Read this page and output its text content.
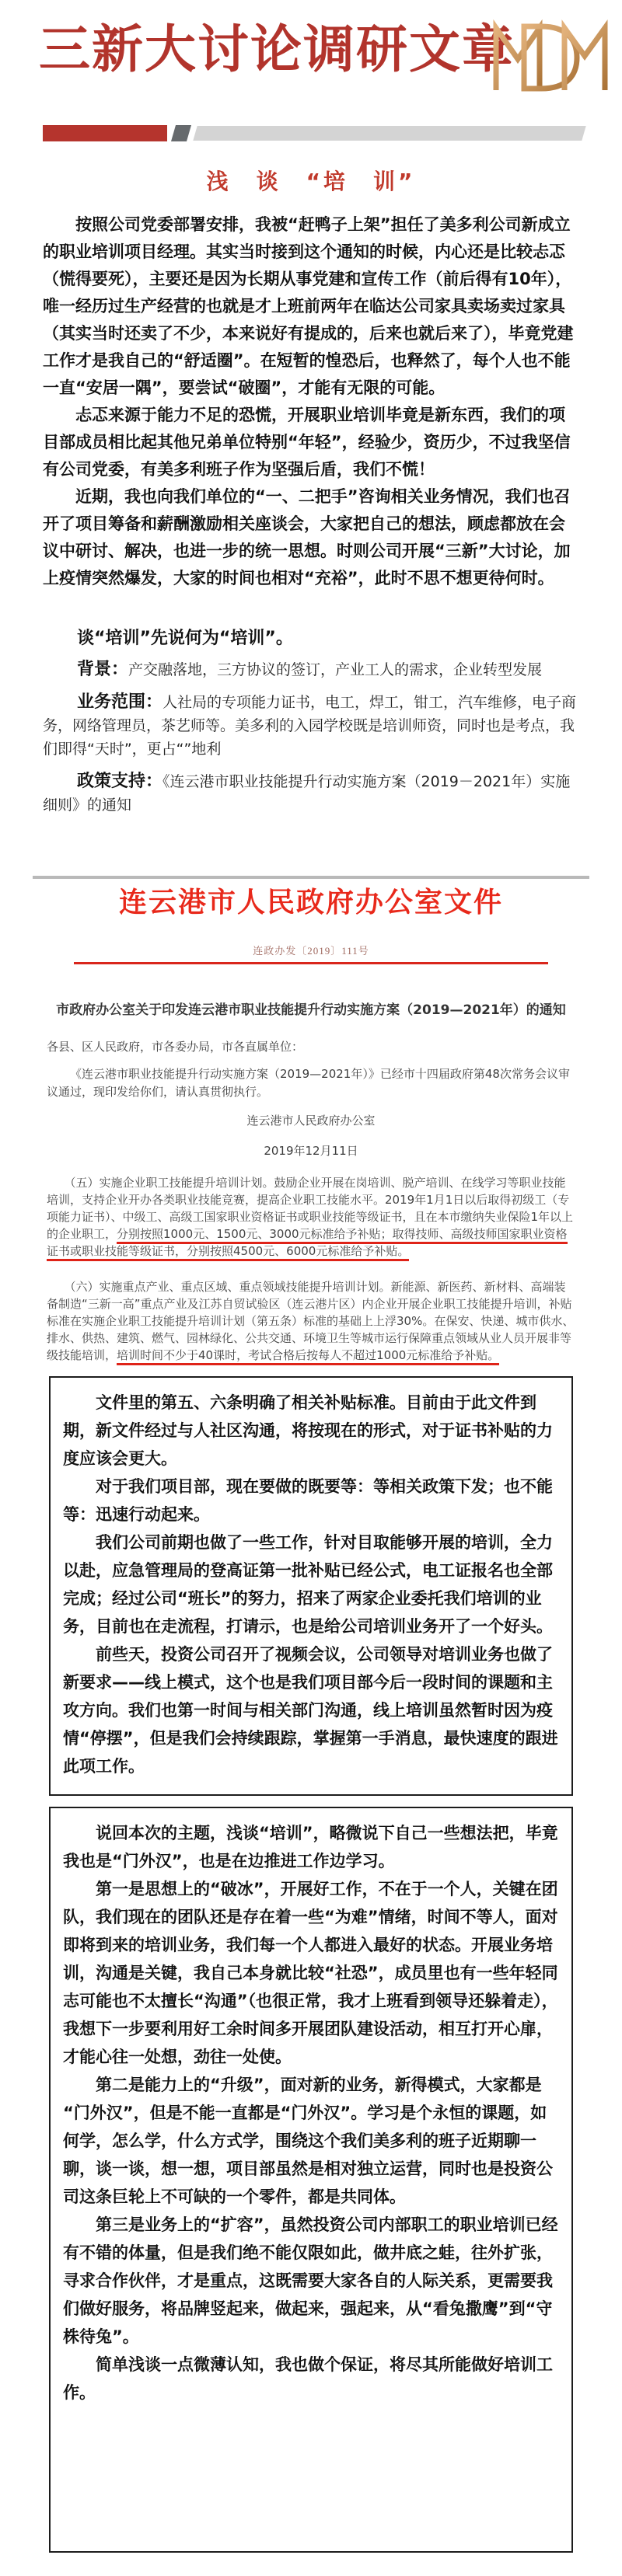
三新大讨论调研文章
浅　谈　“培　训”

按照公司党委部署安排，我被“赶鸭子上架”担任了美多利公司新成立的职业培训项目经理。其实当时接到这个通知的时候，内心还是比较忐忑（慌得要死），主要还是因为长期从事党建和宣传工作（前后得有10年），唯一经历过生产经营的也就是才上班前两年在临达公司家具卖场卖过家具（其实当时还卖了不少，本来说好有提成的，后来也就后来了），毕竟党建工作才是我自己的“舒适圈”。在短暂的惶恐后，也释然了，每个人也不能一直“安居一隅”，要尝试“破圈”，才能有无限的可能。

忐忑来源于能力不足的恐慌，开展职业培训毕竟是新东西，我们的项目部成员相比起其他兄弟单位特别“年轻”，经验少，资历少，不过我坚信有公司党委，有美多利班子作为坚强后盾，我们不慌！

近期，我也向我们单位的“一、二把手”咨询相关业务情况，我们也召开了项目筹备和薪酬激励相关座谈会，大家把自己的想法，顾虑都放在会议中研讨、解决，也进一步的统一思想。时则公司开展“三新”大讨论，加上疫情突然爆发，大家的时间也相对“充裕”，此时不思不想更待何时。

谈“培训”先说何为“培训”。

背景：产交融落地，三方协议的签订，产业工人的需求，企业转型发展

业务范围：人社局的专项能力证书，电工，焊工，钳工，汽车维修，电子商务，网络管理员，茶艺师等。美多利的入园学校既是培训师资，同时也是考点，我们即得“天时”，更占“”地利

政策支持：《连云港市职业技能提升行动实施方案（2019－2021年）实施细则》的通知

连云港市人民政府办公室文件
连政办发〔2019〕111号
市政府办公室关于印发连云港市职业技能提升行动实施方案（2019—2021年）的通知
各县、区人民政府，市各委办局，市各直属单位：

《连云港市职业技能提升行动实施方案（2019—2021年）》已经市十四届政府第48次常务会议审议通过，现印发给你们，请认真贯彻执行。

连云港市人民政府办公室
2019年12月11日

（五）实施企业职工技能提升培训计划。鼓励企业开展在岗培训、脱产培训、在线学习等职业技能培训，支持企业开办各类职业技能竞赛，提高企业职工技能水平。2019年1月1日以后取得初级工（专项能力证书）、中级工、高级工国家职业资格证书或职业技能等级证书，且在本市缴纳失业保险1年以上的企业职工，分别按照1000元、1500元、3000元标准给予补贴；取得技师、高级技师国家职业资格证书或职业技能等级证书，分别按照4500元、6000元标准给予补贴。

（六）实施重点产业、重点区域、重点领域技能提升培训计划。新能源、新医药、新材料、高端装备制造“三新一高”重点产业及江苏自贸试验区（连云港片区）内企业开展企业职工技能提升培训，补贴标准在实施企业职工技能提升培训计划（第五条）标准的基础上上浮30%。在保安、快递、城市供水、排水、供热、建筑、燃气、园林绿化、公共交通、环境卫生等城市运行保障重点领域从业人员开展非等级技能培训，培训时间不少于40课时，考试合格后按每人不超过1000元标准给予补贴。

文件里的第五、六条明确了相关补贴标准。目前由于此文件到期，新文件经过与人社区沟通，将按现在的形式，对于证书补贴的力度应该会更大。

对于我们项目部，现在要做的既要等：等相关政策下发；也不能等：迅速行动起来。

我们公司前期也做了一些工作，针对目取能够开展的培训，全力以赴，应急管理局的登高证第一批补贴已经公式，电工证报名也全部完成；经过公司“班长”的努力，招来了两家企业委托我们培训的业务，目前也在走流程，打请示，也是给公司培训业务开了一个好头。

前些天，投资公司召开了视频会议，公司领导对培训业务也做了新要求——线上模式，这个也是我们项目部今后一段时间的课题和主攻方向。我们也第一时间与相关部门沟通，线上培训虽然暂时因为疫情“停摆”，但是我们会持续跟踪，掌握第一手消息，最快速度的跟进此项工作。

说回本次的主题，浅谈“培训”，略微说下自己一些想法把，毕竟我也是“门外汉”，也是在边推进工作边学习。

第一是思想上的“破冰”，开展好工作，不在于一个人，关键在团队，我们现在的团队还是存在着一些“为难”情绪，时间不等人，面对即将到来的培训业务，我们每一个人都进入最好的状态。开展业务培训，沟通是关键，我自己本身就比较“社恐”，成员里也有一些年轻同志可能也不太擅长“沟通”（也很正常，我才上班看到领导还躲着走），我想下一步要利用好工余时间多开展团队建设活动，相互打开心扉，才能心往一处想，劲往一处使。

第二是能力上的“升级”，面对新的业务，新得模式，大家都是“门外汉”，但是不能一直都是“门外汉”。学习是个永恒的课题，如何学，怎么学，什么方式学，围绕这个我们美多利的班子近期聊一聊，谈一谈，想一想，项目部虽然是相对独立运营，同时也是投资公司这条巨轮上不可缺的一个零件，都是共同体。

第三是业务上的“扩容”，虽然投资公司内部职工的职业培训已经有不错的体量，但是我们绝不能仅限如此，做井底之蛙，往外扩张，寻求合作伙伴，才是重点，这既需要大家各自的人际关系，更需要我们做好服务，将品牌竖起来，做起来，强起来，从“看兔撒鹰”到“守株待兔”。

简单浅谈一点微薄认知，我也做个保证，将尽其所能做好培训工作。
